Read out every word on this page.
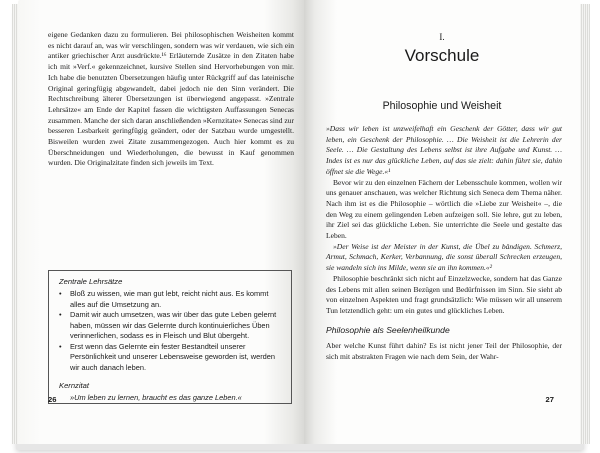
eigene Gedanken dazu zu formulieren. Bei philosophischen Weisheiten kommt es nicht darauf an, was wir verschlingen, sondern was wir verdauen, wie sich ein antiker griechischer Arzt ausdrückte.¹⁶ Erläuternde Zusätze in den Zitaten habe ich mit »Verf.« gekennzeichnet, kursive Stellen sind Hervorhebungen von mir. Ich habe die benutzten Übersetzungen häufig unter Rückgriff auf das lateinische Original geringfügig abgewandelt, dabei jedoch nie den Sinn verändert. Die Rechtschreibung älterer Übersetzungen ist überwiegend angepasst. »Zentrale Lehrsätze« am Ende der Kapitel fassen die wichtigsten Auffassungen Senecas zusammen. Manche der sich daran anschließenden »Kernzitate« Senecas sind zur besseren Lesbarkeit geringfügig geändert, oder der Satzbau wurde umgestellt. Bisweilen wurden zwei Zitate zusammengezogen. Auch hier kommt es zu Überschneidungen und Wiederholungen, die bewusst in Kauf genommen wurden. Die Originalzitate finden sich jeweils im Text.
Zentrale Lehrsätze
• Bloß zu wissen, wie man gut lebt, reicht nicht aus. Es kommt alles auf die Umsetzung an.
• Damit wir auch umsetzen, was wir über das gute Leben gelernt haben, müssen wir das Gelernte durch kontinuierliches Üben verinnerlichen, sodass es in Fleisch und Blut übergeht.
• Erst wenn das Gelernte ein fester Bestandteil unserer Persönlichkeit und unserer Lebensweise geworden ist, werden wir auch danach leben.
Kernzitat
»Um leben zu lernen, braucht es das ganze Leben.«
26
I.
Vorschule
Philosophie und Weisheit

»Dass wir leben ist unzweifelhaft ein Geschenk der Götter, dass wir gut leben, ein Geschenk der Philosophie. … Die Weisheit ist die Lehrerin der Seele. … Die Gestaltung des Lebens selbst ist ihre Aufgabe und Kunst. … Indes ist es nur das glückliche Leben, auf das sie zielt: dahin führt sie, dahin öffnet sie die Wege.«¹

Bevor wir zu den einzelnen Fächern der Lebensschule kommen, wollen wir uns genauer anschauen, was welcher Richtung sich Seneca dem Thema näher. Nach ihm ist es die Philosophie – wörtlich die »Liebe zur Weisheit« –, die den Weg zu einem gelingenden Leben aufzeigen soll. Sie lehre, gut zu leben, ihr Ziel sei das glückliche Leben. Sie unterrichte die Seele und gestalte das Leben.

»Der Weise ist der Meister in der Kunst, die Übel zu bändigen. Schmerz, Armut, Schmach, Kerker, Verbannung, die sonst überall Schrecken erzeugen, sie wandeln sich ins Milde, wenn sie an ihn kommen.«²

Philosophie beschränkt sich nicht auf Einzelzwecke, sondern hat das Ganze des Lebens mit allen seinen Bezügen und Bedürfnissen im Sinn. Sie sieht ab von einzelnen Aspekten und fragt grundsätzlich: Wie müssen wir all unserem Tun letztendlich geht: um ein gutes und glückliches Leben.

Philosophie als Seelenheilkunde

Aber welche Kunst führt dahin? Es ist nicht jener Teil der Philosophie, der sich mit abstrakten Fragen wie nach dem Sein, der Wahr-

27
